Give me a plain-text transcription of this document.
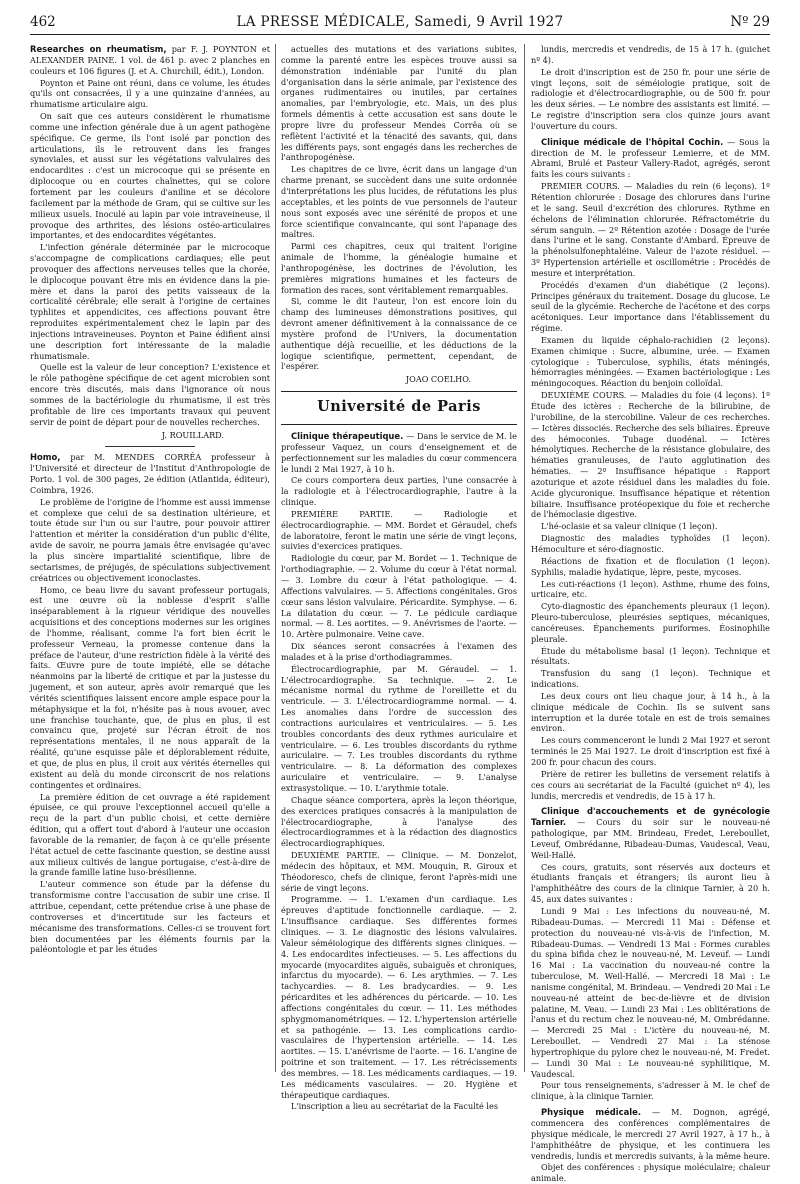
462	LA PRESSE MÉDICALE, Samedi, 9 Avril 1927	Nº 29

Researches on rheumatism, par F. J. POYNTON et ALEXANDER PAINE. 1 vol. de 461 p. avec 2 planches en couleurs et 106 figures (J. et A. Churchill, édit.), London.

Poynton et Paine ont réuni, dans ce volume, les études qu'ils ont consacrées, il y a une quinzaine d'années, au rhumatisme articulaire aigu.

On sait que ces auteurs considèrent le rhumatisme comme une infection générale due à un agent pathogène spécifique. Ce germe, ils l'ont isolé par ponction des articulations, ils le retrouvent dans les franges synoviales, et aussi sur les végétations valvulaires des endocardites : c'est un microcoque qui se présente en diplocoque ou en courtes chaînettes, qui se colore fortement par les couleurs d'aniline et se décolore facilement par la méthode de Gram, qui se cultive sur les milieux usuels. Inoculé au lapin par voie intraveineuse, il provoque des arthrites, des lésions ostéo-articulaires importantes, et des endocardites végétantes.

L'infection générale déterminée par le microcoque s'accompagne de complications cardiaques; elle peut provoquer des affections nerveuses telles que la chorée, le diplocoque pouvant être mis en évidence dans la pie-mère et dans la paroi des petits vaisseaux de la corticalité cérébrale; elle serait à l'origine de certaines typhlites et appendicites, ces affections pouvant être reproduites expérimentalement chez le lapin par des injections intraveineuses. Poynton et Paine édifient ainsi une description fort intéressante de la maladie rhumatismale.

Quelle est la valeur de leur conception? L'existence et le rôle pathogène spécifique de cet agent microbien sont encore très discutés, mais dans l'ignorance où nous sommes de la bactériologie du rhumatisme, il est très profitable de lire ces importants travaux qui peuvent servir de point de départ pour de nouvelles recherches.

J. ROUILLARD.

Homo, par M. MENDES CORRÊA professeur à l'Université et directeur de l'Institut d'Anthropologie de Porto. 1 vol. de 300 pages, 2e édition (Atlantida, éditeur), Coimbra, 1926.

Le problème de l'origine de l'homme est aussi immense et complexe que celui de sa destination ultérieure, et toute étude sur l'un ou sur l'autre, pour pouvoir attirer l'attention et mériter la considération d'un public d'élite, avide de savoir, ne pourra jamais être envisagée qu'avec la plus sincère impartialité scientifique, libre de sectarismes, de préjugés, de spéculations subjectivement créatrices ou objectivement iconoclastes.

Homo, ce beau livre du savant professeur portugais, est une œuvre où la noblesse d'esprit s'allie inséparablement à la rigueur véridique des nouvelles acquisitions et des conceptions modernes sur les origines de l'homme, réalisant, comme l'a fort bien écrit le professeur Verneau, la promesse contenue dans la préface de l'auteur, d'une restriction fidèle à la vérité des faits. Œuvre pure de toute impiété, elle se détache néanmoins par la liberté de critique et par la justesse du jugement, et son auteur, après avoir remarqué que les vérités scientifiques laissent encore ample espace pour la métaphysique et la foi, n'hésite pas à nous avouer, avec une franchise touchante, que, de plus en plus, il est convaincu que, projeté sur l'écran étroit de nos représentations mentales, il ne nous apparaît de la réalité, qu'une esquisse pâle et déplorablement réduite, et que, de plus en plus, il croit aux vérités éternelles qui existent au delà du monde circonscrit de nos relations contingentes et ordinaires.

La première édition de cet ouvrage a été rapidement épuisée, ce qui prouve l'exceptionnel accueil qu'elle a reçu de la part d'un public choisi, et cette dernière édition, qui a offert tout d'abord à l'auteur une occasion favorable de la remanier, de façon à ce qu'elle présente l'état actuel de cette fascinante question, se destine aussi aux milieux cultivés de langue portugaise, c'est-à-dire de la grande famille latine luso-brésilienne.

L'auteur commence son étude par la défense du transformisme contre l'accusation de subir une crise. Il attribue, cependant, cette prétendue crise à une phase de controverses et d'incertitude sur les facteurs et mécanisme des transformations. Celles-ci se trouvent fort bien documentées par les éléments fournis par la paléontologie et par les études

actuelles des mutations et des variations subites, comme la parenté entre les espèces trouve aussi sa démonstration indéniable par l'unité du plan d'organisation dans la série animale, par l'existence des organes rudimentaires ou inutiles, par certaines anomalies, par l'embryologie, etc. Mais, un des plus formels démentis à cette accusation est sans doute le propre livre du professeur Mendes Corrêa où se reflètent l'activité et la ténacité des savants, qui, dans les différents pays, sont engagés dans les recherches de l'anthropogénèse.

Les chapitres de ce livre, écrit dans un langage d'un charme prenant, se succèdent dans une suite ordonnée d'interprétations les plus lucides, de réfutations les plus acceptables, et les points de vue personnels de l'auteur nous sont exposés avec une sérénité de propos et une force scientifique convaincante, qui sont l'apanage des maîtres.

Parmi ces chapitres, ceux qui traitent l'origine animale de l'homme, la généalogie humaine et l'anthropogénèse, les doctrines de l'évolution, les premières migrations humaines et les facteurs de formation des races, sont véritablement remarquables.

Si, comme le dit l'auteur, l'on est encore loin du champ des lumineuses démonstrations positives, qui devront amener définitivement à la connaissance de ce mystère profond de l'Univers, la documentation authentique déjà recueillie, et les déductions de la logique scientifique, permettent, cependant, de l'espérer.

JOAO COELHO.

Université de Paris

Clinique thérapeutique. — Dans le service de M. le professeur Vaquez, un cours d'enseignement et de perfectionnement sur les maladies du cœur commencera le lundi 2 Mai 1927, à 10 h.

Ce cours comportera deux parties, l'une consacrée à la radiologie et à l'électrocardiographie, l'autre à la clinique.

PREMIÈRE PARTIE. — Radiologie et électrocardiographie. — MM. Bordet et Géraudel, chefs de laboratoire, feront le matin une série de vingt leçons, suivies d'exercices pratiques.

Radiologie du cœur, par M. Bordet — 1. Technique de l'orthodiagraphie. — 2. Volume du cœur à l'état normal. — 3. Lombre du cœur à l'état pathologique. — 4. Affections valvulaires. — 5. Affections congénitales. Gros cœur sans lésion valvulaire. Péricardite. Symphyse. — 6. La dilatation du cœur. — 7. Le pédicule cardiaque normal. — 8. Les aortites. — 9. Anévrismes de l'aorte. — 10. Artère pulmonaire. Veine cave.

Dix séances seront consacrées à l'examen des malades et à la prise d'orthodiagrammes.

Électrocardiographie, par M. Géraudel. — 1. L'électrocardiographe. Sa technique. — 2. Le mécanisme normal du rythme de l'oreillette et du ventricule. — 3. L'électrocardiogramme normal. — 4. Les anomalies dans l'ordre de succession des contractions auriculaires et ventriculaires. — 5. Les troubles concordants des deux rythmes auriculaire et ventriculaire. — 6. Les troubles discordants du rythme auriculaire. — 7. Les troubles discordants du rythme ventriculaire. — 8. La déformation des complexes auriculaire et ventriculaire. — 9. L'analyse extrasystolique. — 10. L'arythmie totale.

Chaque séance comportera, après la leçon théorique, des exercices pratiques consacrés à la manipulation de l'électrocardiographe, à l'analyse des électrocardiogrammes et à la rédaction des diagnostics électrocardiographiques.

DEUXIÈME PARTIE. — Clinique. — M. Donzelot, médecin des hôpitaux, et MM. Mouquin, R. Giroux et Théodoresco, chefs de clinique, feront l'après-midi une série de vingt leçons.

Programme. — 1. L'examen d'un cardiaque. Les épreuves d'aptitude fonctionnelle cardiaque. — 2. L'insuffisance cardiaque. Ses différentes formes cliniques. — 3. Le diagnostic des lésions valvulaires. Valeur séméiologique des différents signes cliniques. — 4. Les endocardites infectieuses. — 5. Les affections du myocarde (myocardites aiguës, subaiguës et chroniques, infarctus du myocarde). — 6. Les arythmies. — 7. Les tachycardies. — 8. Les bradycardies. — 9. Les péricardites et les adhérences du péricarde. — 10. Les affections congénitales du cœur. — 11. Les méthodes sphygmomanométriques. — 12. L'hypertension artérielle et sa pathogénie. — 13. Les complications cardio-vasculaires de l'hypertension artérielle. — 14. Les aortites. — 15. L'anévrisme de l'aorte. — 16. L'angine de poitrine et son traitement. — 17. Les rétrécissements des membres. — 18. Les médicaments cardiaques. — 19. Les médicaments vasculaires. — 20. Hygiène et thérapeutique cardiaques.

L'inscription a lieu au secrétariat de la Faculté les

lundis, mercredis et vendredis, de 15 à 17 h. (guichet nº 4).

Le droit d'inscription est de 250 fr. pour une série de vingt leçons, soit de séméiologie pratique, soit de radiologie et d'électrocardiographie, ou de 500 fr. pour les deux séries. — Le nombre des assistants est limité. — Le registre d'inscription sera clos quinze jours avant l'ouverture du cours.

Clinique médicale de l'hôpital Cochin. — Sous la direction de M. le professeur Lemierre, et de MM. Abrami, Brulé et Pasteur Vallery-Radot, agrégés, seront faits les cours suivants :

PREMIER COURS. — Maladies du rein (6 leçons). 1º Rétention chlorurée : Dosage des chlorures dans l'urine et le sang. Seuil d'excrétion des chlorures. Rythme en échelons de l'élimination chlorurée. Réfractométrie du sérum sanguin. — 2º Rétention azotée : Dosage de l'urée dans l'urine et le sang. Constante d'Ambard. Épreuve de la phénolsulfonephtaléine. Valeur de l'azote résiduel. — 3º Hypertension artérielle et oscillométrie : Procédés de mesure et interprétation.

Procédés d'examen d'un diabétique (2 leçons). Principes généraux du traitement. Dosage du glucose. Le seuil de la glycémie. Recherche de l'acétone et des corps acétoniques. Leur importance dans l'établissement du régime.

Examen du liquide céphalo-rachidien (2 leçons). Examen chimique : Sucre, albumine, urée. — Examen cytologique : Tuberculose, syphilis, états méningés, hémorragies méningées. — Examen bactériologique : Les méningocoques. Réaction du benjoin colloïdal.

DEUXIÈME COURS. — Maladies du foie (4 leçons). 1º Étude des ictères : Recherche de la bilirubine, de l'urobiline, de la stercobiline. Valeur de ces recherches. — Ictères dissociés. Recherche des sels biliaires. Épreuve des hémoconies. Tubage duodénal. — Ictères hémolytiques. Recherche de la résistance globulaire, des hématies granuleuses, de l'auto agglutination des hématies. — 2º Insuffisance hépatique : Rapport azoturique et azote résiduel dans les maladies du foie. Acide glycuronique. Insuffisance hépatique et rétention biliaire. Insuffisance protéopexique du foie et recherche de l'hémoclasie digestive.

L'hé-oclasie et sa valeur clinique (1 leçon).

Diagnostic des maladies typhoïdes (1 leçon). Hémoculture et séro-diagnostic.

Réactions de fixation et de floculation (1 leçon). Syphilis, maladie hydatique, lèpre, peste, mycoses.

Les cuti-réactions (1 leçon). Asthme, rhume des foins, urticaire, etc.

Cyto-diagnostic des épanchements pleuraux (1 leçon). Pleuro-tuberculose, pleurésies septiques, mécaniques, cancéreuses. Épanchements puriformes. Éosinophilie pleurale.

Étude du métabolisme basal (1 leçon). Technique et résultats.

Transfusion du sang (1 leçon). Technique et indications.

Les deux cours ont lieu chaque jour, à 14 h., à la clinique médicale de Cochin. Ils se suivent sans interruption et la durée totale en est de trois semaines environ.

Les cours commenceront le lundi 2 Mai 1927 et seront terminés le 25 Mai 1927. Le droit d'inscription est fixé à 200 fr. pour chacun des cours.

Prière de retirer les bulletins de versement relatifs à ces cours au secrétariat de la Faculté (guichet nº 4), les lundis, mercredis et vendredis, de 15 à 17 h.

Clinique d'accouchements et de gynécologie Tarnier. — Cours du soir sur le nouveau-né pathologique, par MM. Brindeau, Fredet, Lereboullet, Leveuf, Ombrédanne, Ribadeau-Dumas, Vaudescal, Veau, Weil-Hallé.

Ces cours, gratuits, sont réservés aux docteurs et étudiants français et étrangers; ils auront lieu à l'amphithéâtre des cours de la clinique Tarnier, à 20 h. 45, aux dates suivantes :

Lundi 9 Mai : Les infections du nouveau-né, M. Ribadeau-Dumas. — Mercredi 11 Mai : Défense et protection du nouveau-né vis-à-vis de l'infection, M. Ribadeau-Dumas. — Vendredi 13 Mai : Formes curables du spina bifida chez le nouveau-né, M. Leveuf. — Lundi 16 Mai : La vaccination du nouveau-né contre la tuberculose, M. Weil-Hallé. — Mercredi 18 Mai : Le nanisme congénital, M. Brindeau. — Vendredi 20 Mai : Le nouveau-né atteint de bec-de-lièvre et de division palatine, M. Veau. — Lundi 23 Mai : Les oblitérations de l'anus et du rectum chez le nouveau-né, M. Ombrédanne. — Mercredi 25 Mai : L'ictère du nouveau-né, M. Lereboullet. — Vendredi 27 Mai : La sténose hypertrophique du pylore chez le nouveau-né, M. Fredet. — Lundi 30 Mai : Le nouveau-né syphilitique, M. Vaudescal.

Pour tous renseignements, s'adresser à M. le chef de clinique, à la clinique Tarnier.

Physique médicale. — M. Dognon, agrégé, commencera des conférences complémentaires de physique médicale, le mercredi 27 Avril 1927, à 17 h., à l'amphithéâtre de physique, et les continuera les vendredis, lundis et mercredis suivants, à la même heure.

Objet des conférences : physique moléculaire; chaleur animale.
